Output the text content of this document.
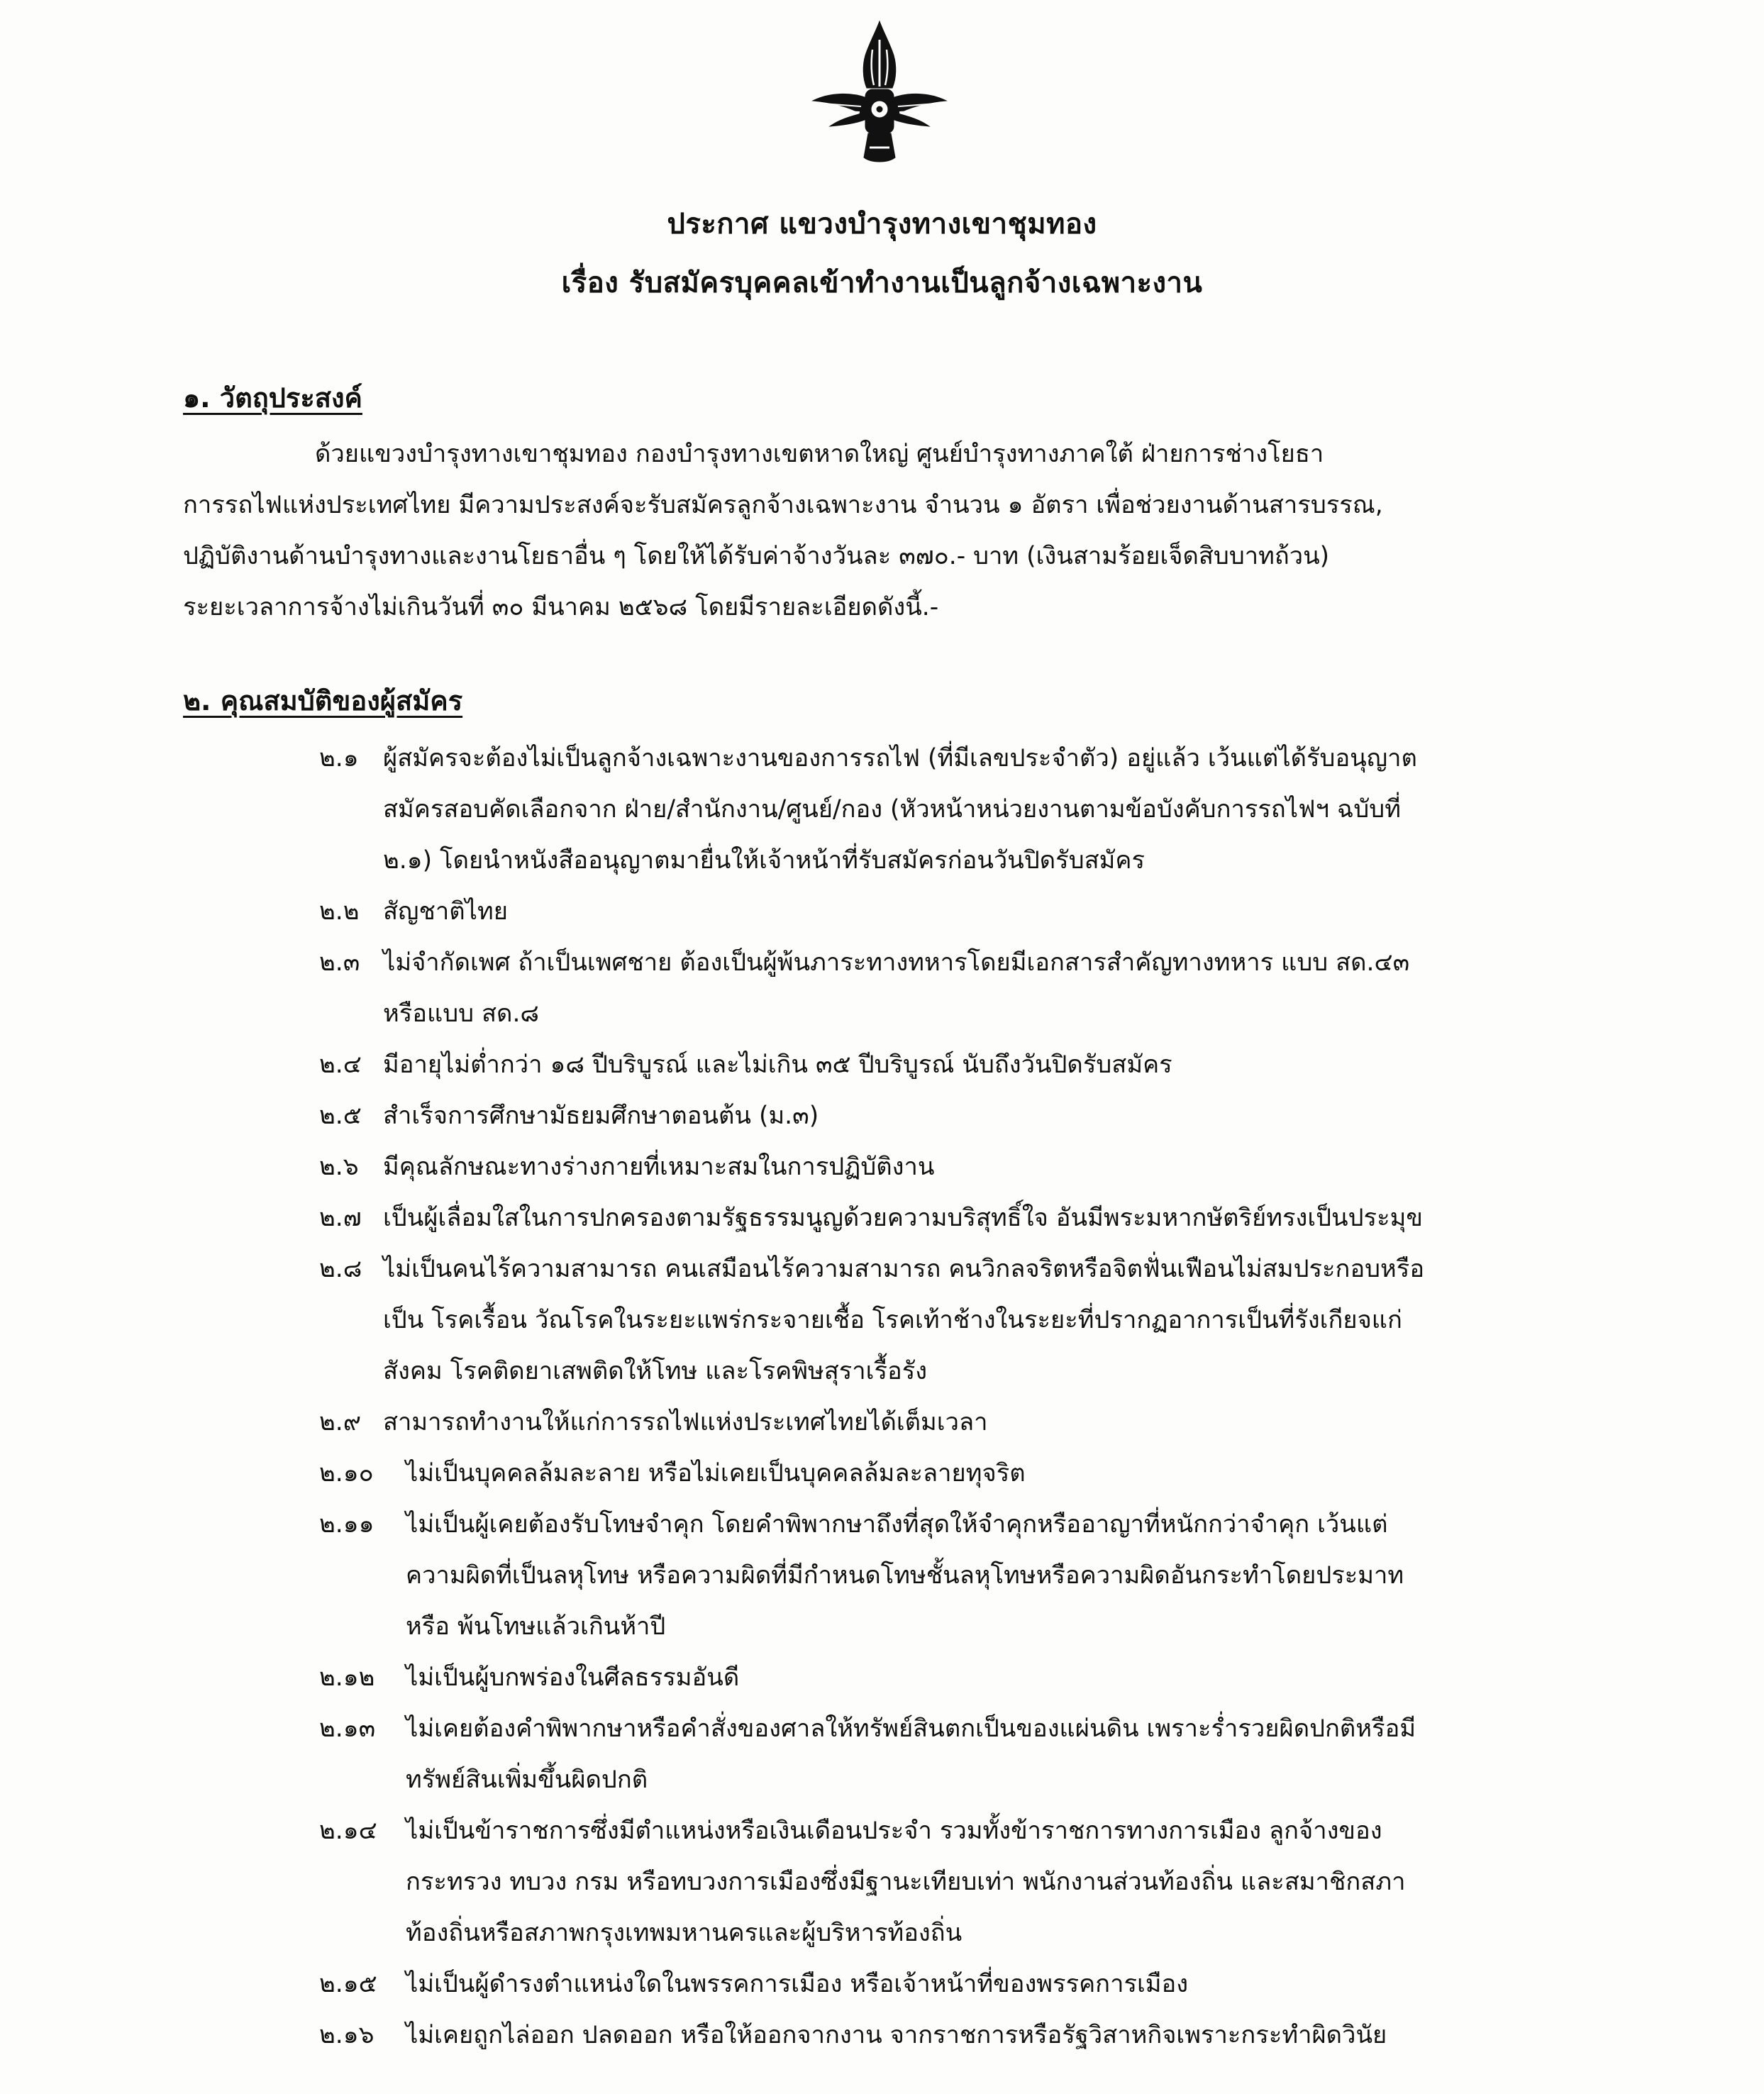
ประกาศ แขวงบำรุงทางเขาชุมทอง
เรื่อง รับสมัครบุคคลเข้าทำงานเป็นลูกจ้างเฉพาะงาน
๑. วัตถุประสงค์
ด้วยแขวงบำรุงทางเขาชุมทอง กองบำรุงทางเขตหาดใหญ่ ศูนย์บำรุงทางภาคใต้ ฝ่ายการช่างโยธา
การรถไฟแห่งประเทศไทย มีความประสงค์จะรับสมัครลูกจ้างเฉพาะงาน จำนวน ๑ อัตรา เพื่อช่วยงานด้านสารบรรณ,
ปฏิบัติงานด้านบำรุงทางและงานโยธาอื่น ๆ โดยให้ได้รับค่าจ้างวันละ ๓๗๐.- บาท (เงินสามร้อยเจ็ดสิบบาทถ้วน)
ระยะเวลาการจ้างไม่เกินวันที่ ๓๐ มีนาคม ๒๕๖๘ โดยมีรายละเอียดดังนี้.-
๒. คุณสมบัติของผู้สมัคร
๒.๑ ผู้สมัครจะต้องไม่เป็นลูกจ้างเฉพาะงานของการรถไฟ (ที่มีเลขประจำตัว) อยู่แล้ว เว้นแต่ได้รับอนุญาต
สมัครสอบคัดเลือกจาก ฝ่าย/สำนักงาน/ศูนย์/กอง (หัวหน้าหน่วยงานตามข้อบังคับการรถไฟฯ ฉบับที่
๒.๑) โดยนำหนังสืออนุญาตมายื่นให้เจ้าหน้าที่รับสมัครก่อนวันปิดรับสมัคร
๒.๒ สัญชาติไทย
๒.๓ ไม่จำกัดเพศ ถ้าเป็นเพศชาย ต้องเป็นผู้พ้นภาระทางทหารโดยมีเอกสารสำคัญทางทหาร แบบ สด.๔๓
หรือแบบ สด.๘
๒.๔ มีอายุไม่ต่ำกว่า ๑๘ ปีบริบูรณ์ และไม่เกิน ๓๕ ปีบริบูรณ์ นับถึงวันปิดรับสมัคร
๒.๕ สำเร็จการศึกษามัธยมศึกษาตอนต้น (ม.๓)
๒.๖ มีคุณลักษณะทางร่างกายที่เหมาะสมในการปฏิบัติงาน
๒.๗ เป็นผู้เลื่อมใสในการปกครองตามรัฐธรรมนูญด้วยความบริสุทธิ์ใจ อันมีพระมหากษัตริย์ทรงเป็นประมุข
๒.๘ ไม่เป็นคนไร้ความสามารถ คนเสมือนไร้ความสามารถ คนวิกลจริตหรือจิตฟั่นเฟือนไม่สมประกอบหรือ
เป็น โรคเรื้อน วัณโรคในระยะแพร่กระจายเชื้อ โรคเท้าช้างในระยะที่ปรากฏอาการเป็นที่รังเกียจแก่
สังคม โรคติดยาเสพติดให้โทษ และโรคพิษสุราเรื้อรัง
๒.๙ สามารถทำงานให้แก่การรถไฟแห่งประเทศไทยได้เต็มเวลา
๒.๑๐	ไม่เป็นบุคคลล้มละลาย หรือไม่เคยเป็นบุคคลล้มละลายทุจริต
๒.๑๑	ไม่เป็นผู้เคยต้องรับโทษจำคุก โดยคำพิพากษาถึงที่สุดให้จำคุกหรืออาญาที่หนักกว่าจำคุก เว้นแต่
ความผิดที่เป็นลหุโทษ หรือความผิดที่มีกำหนดโทษชั้นลหุโทษหรือความผิดอันกระทำโดยประมาท
หรือ พ้นโทษแล้วเกินห้าปี
๒.๑๒	ไม่เป็นผู้บกพร่องในศีลธรรมอันดี
๒.๑๓	ไม่เคยต้องคำพิพากษาหรือคำสั่งของศาลให้ทรัพย์สินตกเป็นของแผ่นดิน เพราะร่ำรวยผิดปกติหรือมี
ทรัพย์สินเพิ่มขึ้นผิดปกติ
๒.๑๔	ไม่เป็นข้าราชการซึ่งมีตำแหน่งหรือเงินเดือนประจำ รวมทั้งข้าราชการทางการเมือง ลูกจ้างของ
กระทรวง ทบวง กรม หรือทบวงการเมืองซึ่งมีฐานะเทียบเท่า พนักงานส่วนท้องถิ่น และสมาชิกสภา
ท้องถิ่นหรือสภาพกรุงเทพมหานครและผู้บริหารท้องถิ่น
๒.๑๕	ไม่เป็นผู้ดำรงตำแหน่งใดในพรรคการเมือง หรือเจ้าหน้าที่ของพรรคการเมือง
๒.๑๖	ไม่เคยถูกไล่ออก ปลดออก หรือให้ออกจากงาน จากราชการหรือรัฐวิสาหกิจเพราะกระทำผิดวินัย
